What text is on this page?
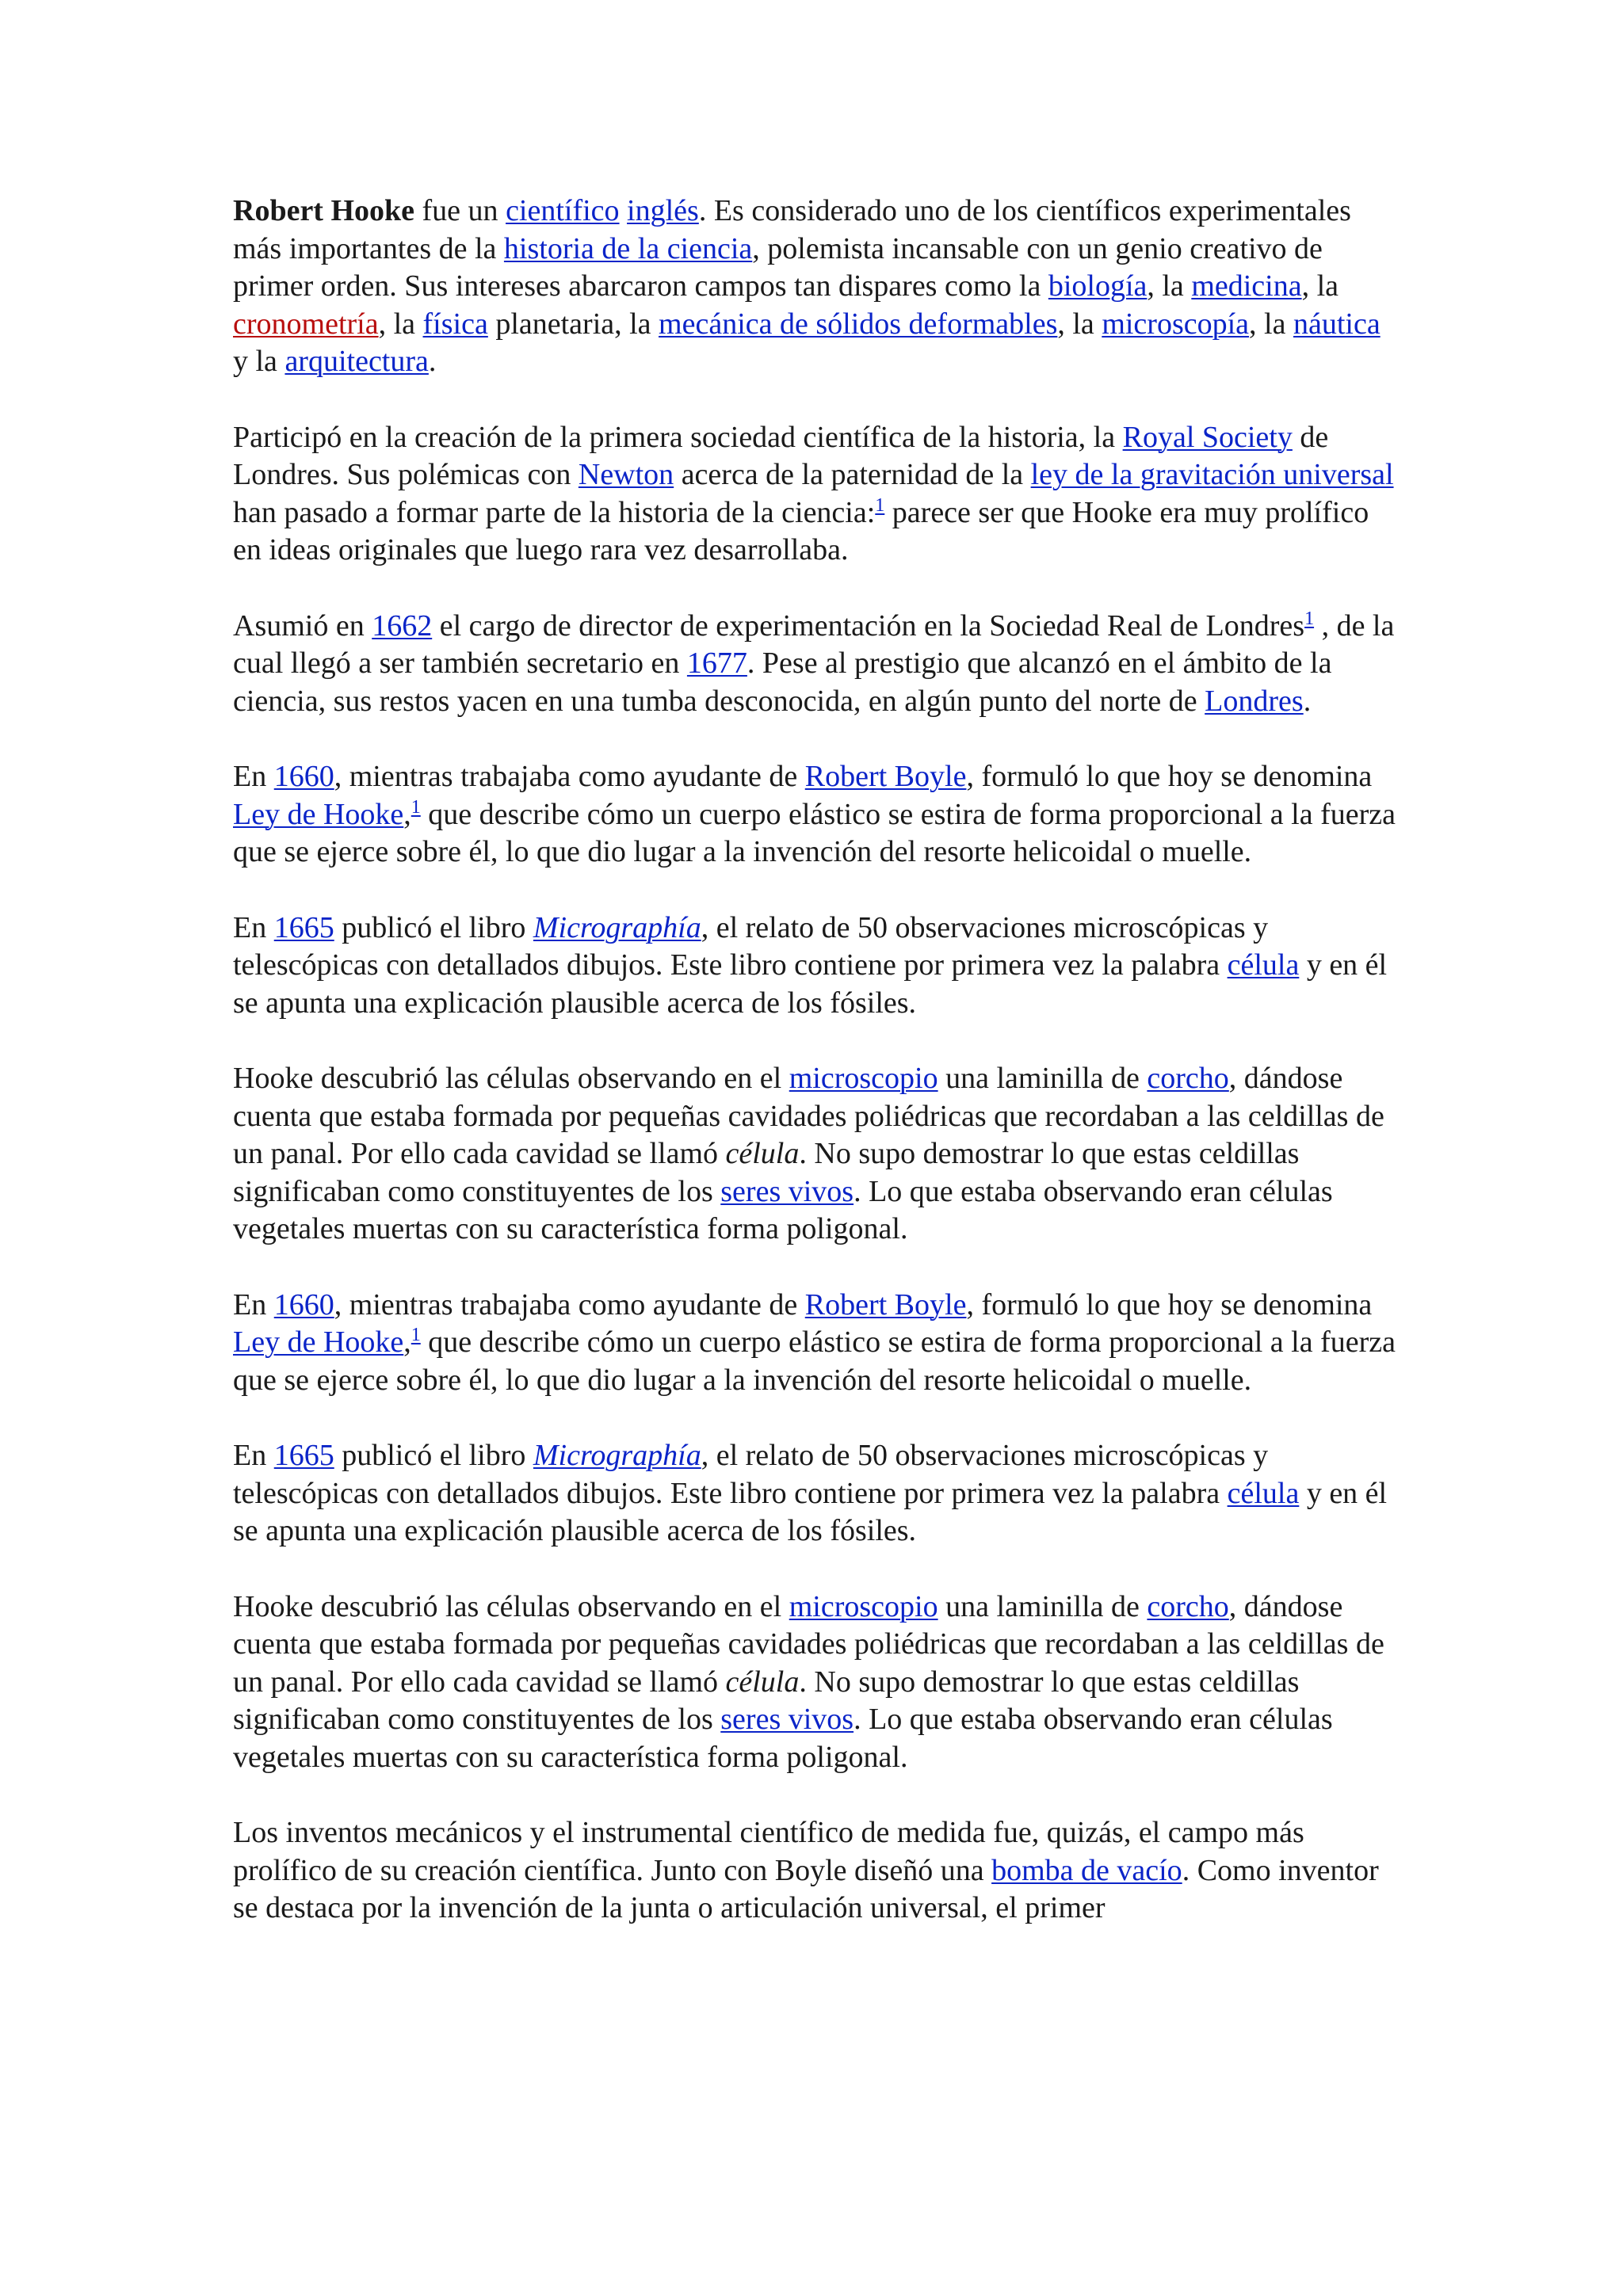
Robert Hooke fue un científico inglés. Es considerado uno de los científicos experimentales más importantes de la historia de la ciencia, polemista incansable con un genio creativo de primer orden. Sus intereses abarcaron campos tan dispares como la biología, la medicina, la cronometría, la física planetaria, la mecánica de sólidos deformables, la microscopía, la náutica y la arquitectura.

Participó en la creación de la primera sociedad científica de la historia, la Royal Society de Londres. Sus polémicas con Newton acerca de la paternidad de la ley de la gravitación universal han pasado a formar parte de la historia de la ciencia:$^1$ parece ser que Hooke era muy prolífico en ideas originales que luego rara vez desarrollaba.

Asumió en 1662 el cargo de director de experimentación en la Sociedad Real de Londres$^1$ , de la cual llegó a ser también secretario en 1677. Pese al prestigio que alcanzó en el ámbito de la ciencia, sus restos yacen en una tumba desconocida, en algún punto del norte de Londres.

En 1660, mientras trabajaba como ayudante de Robert Boyle, formuló lo que hoy se denomina Ley de Hooke,$^1$ que describe cómo un cuerpo elástico se estira de forma proporcional a la fuerza que se ejerce sobre él, lo que dio lugar a la invención del resorte helicoidal o muelle.

En 1665 publicó el libro Micrographía, el relato de 50 observaciones microscópicas y telescópicas con detallados dibujos. Este libro contiene por primera vez la palabra célula y en él se apunta una explicación plausible acerca de los fósiles.

Hooke descubrió las células observando en el microscopio una laminilla de corcho, dándose cuenta que estaba formada por pequeñas cavidades poliédricas que recordaban a las celdillas de un panal. Por ello cada cavidad se llamó célula. No supo demostrar lo que estas celdillas significaban como constituyentes de los seres vivos. Lo que estaba observando eran células vegetales muertas con su característica forma poligonal.

En 1660, mientras trabajaba como ayudante de Robert Boyle, formuló lo que hoy se denomina Ley de Hooke,$^1$ que describe cómo un cuerpo elástico se estira de forma proporcional a la fuerza que se ejerce sobre él, lo que dio lugar a la invención del resorte helicoidal o muelle.

En 1665 publicó el libro Micrographía, el relato de 50 observaciones microscópicas y telescópicas con detallados dibujos. Este libro contiene por primera vez la palabra célula y en él se apunta una explicación plausible acerca de los fósiles.

Hooke descubrió las células observando en el microscopio una laminilla de corcho, dándose cuenta que estaba formada por pequeñas cavidades poliédricas que recordaban a las celdillas de un panal. Por ello cada cavidad se llamó célula. No supo demostrar lo que estas celdillas significaban como constituyentes de los seres vivos. Lo que estaba observando eran células vegetales muertas con su característica forma poligonal.

Los inventos mecánicos y el instrumental científico de medida fue, quizás, el campo más prolífico de su creación científica. Junto con Boyle diseñó una bomba de vacío. Como inventor se destaca por la invención de la junta o articulación universal, el primer
